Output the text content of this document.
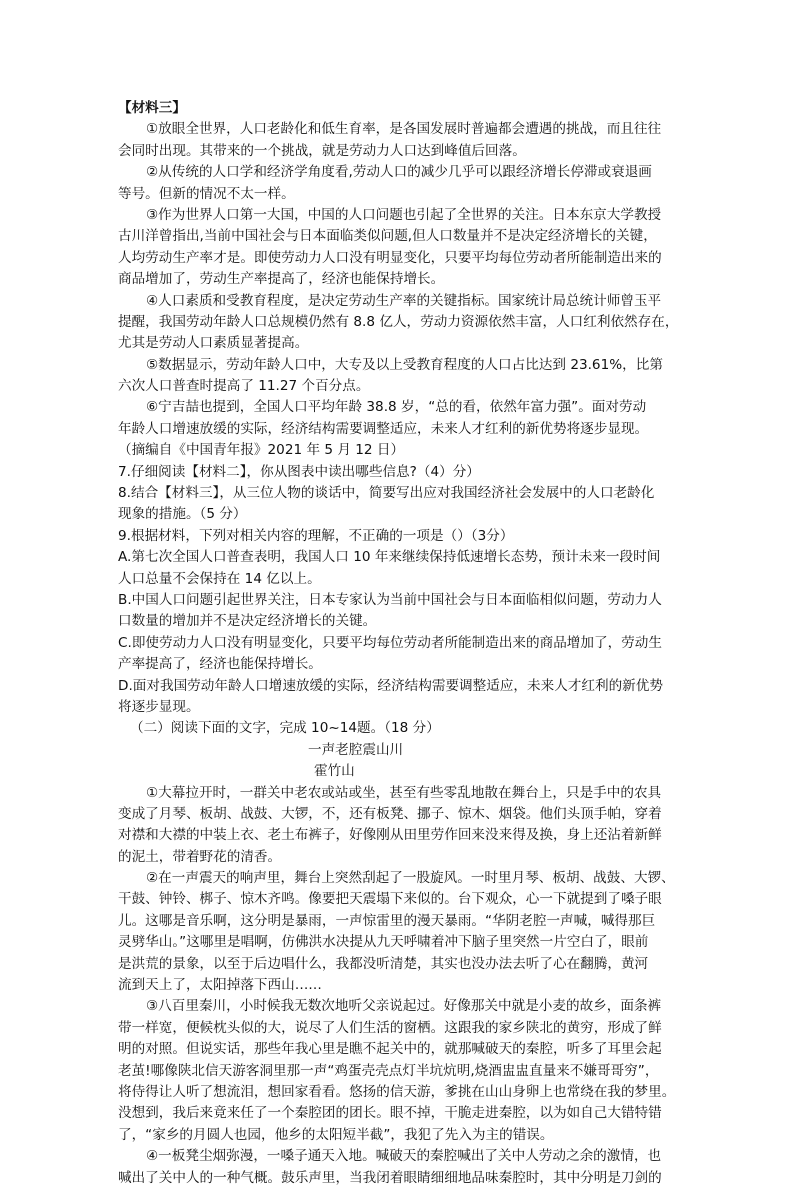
【材料三】
①放眼全世界，人口老龄化和低生育率，是各国发展时普遍都会遭遇的挑战，而且往往
会同时出现。其带来的一个挑战，就是劳动力人口达到峰值后回落。
②从传统的人口学和经济学角度看,劳动人口的减少几乎可以跟经济增长停滞或衰退画
等号。但新的情况不太一样。
③作为世界人口第一大国，中国的人口问题也引起了全世界的关注。日本东京大学教授
古川洋曾指出,当前中国社会与日本面临类似问题,但人口数量并不是决定经济增长的关键，
人均劳动生产率才是。即使劳动力人口没有明显变化，只要平均每位劳动者所能制造出来的
商品增加了，劳动生产率提高了，经济也能保持增长。
④人口素质和受教育程度，是决定劳动生产率的关键指标。国家统计局总统计师曾玉平
提醒，我国劳动年龄人口总规模仍然有 8.8 亿人，劳动力资源依然丰富，人口红利依然存在，
尤其是劳动人口素质显著提高。
⑤数据显示，劳动年龄人口中，大专及以上受教育程度的人口占比达到 23.61%，比第
六次人口普查时提高了 11.27 个百分点。
⑥宁吉喆也提到，全国人口平均年龄 38.8 岁，“总的看，依然年富力强”。面对劳动
年龄人口增速放缓的实际，经济结构需要调整适应，未来人才红利的新优势将逐步显现。
（摘编自《中国青年报》2021 年 5 月 12 日）
7.仔细阅读【材料二】，你从图表中读出哪些信息?（4）分）
8.结合【材料三】，从三位人物的谈话中，简要写出应对我国经济社会发展中的人口老龄化
现象的措施。（5 分）
9.根据材料，下列对相关内容的理解，不正确的一项是（）（3分）
A.第七次全国人口普查表明，我国人口 10 年来继续保持低速增长态势，预计未来一段时间
人口总量不会保持在 14 亿以上。
B.中国人口问题引起世界关注，日本专家认为当前中国社会与日本面临相似问题，劳动力人
口数量的增加并不是决定经济增长的关键。
C.即使劳动力人口没有明显变化，只要平均每位劳动者所能制造出来的商品增加了，劳动生
产率提高了，经济也能保持增长。
D.面对我国劳动年龄人口增速放缓的实际，经济结构需要调整适应，未来人才红利的新优势
将逐步显现。
（二）阅读下面的文字，完成 10~14题。（18 分）
一声老腔震山川
霍竹山
①大幕拉开时，一群关中老农或站或坐，甚至有些零乱地散在舞台上，只是手中的农具
变成了月琴、板胡、战鼓、大锣，不，还有板凳、挪子、惊木、烟袋。他们头顶手帕，穿着
对襟和大襟的中装上衣、老土布裤子，好像刚从田里劳作回来没来得及换，身上还沾着新鲜
的泥土，带着野花的清香。
②在一声震天的响声里，舞台上突然刮起了一股旋风。一时里月琴、板胡、战鼓、大锣、
干鼓、钟铃、梆子、惊木齐鸣。像要把天震塌下来似的。台下观众，心一下就提到了嗓子眼
儿。这哪是音乐啊，这分明是暴雨，一声惊雷里的漫天暴雨。“华阴老腔一声喊，喊得那巨
灵劈华山。”这哪里是唱啊，仿佛洪水决提从九天呼啸着冲下脑子里突然一片空白了，眼前
是洪荒的景象，以至于后边唱什么，我都没听清楚，其实也没办法去听了心在翻腾，黄河
流到天上了，太阳掉落下西山……
③八百里秦川，小时候我无数次地听父亲说起过。好像那关中就是小麦的故乡，面条裤
带一样宽，便候枕头似的大，说尽了人们生活的窗栖。这跟我的家乡陕北的黄穷，形成了鲜
明的对照。但说实话，那些年我心里是瞧不起关中的，就那喊破天的秦腔，听多了耳里会起
老茧!哪像陕北信天游客洞里那一声“鸡蛋壳壳点灯半坑炕明,烧酒盅盅直量来不嫌哥哥穷”，
将侍得让人听了想流泪，想回家看看。悠扬的信天游，爹挑在山山身卵上也常绕在我的梦里。
没想到，我后来竟来任了一个秦腔团的团长。眼不掉，干脆走进秦腔，以为如自己大错特错
了，“家乡的月圆人也园，他乡的太阳短半截”，我犯了先入为主的错误。
④一板凳尘烟弥漫，一嗓子通天入地。喊破天的秦腔喊出了关中人劳动之余的激情，也
喊出了关中人的一种气概。鼓乐声里，当我闭着眼睛细细地品味秦腔时，其中分明是刀剑的
